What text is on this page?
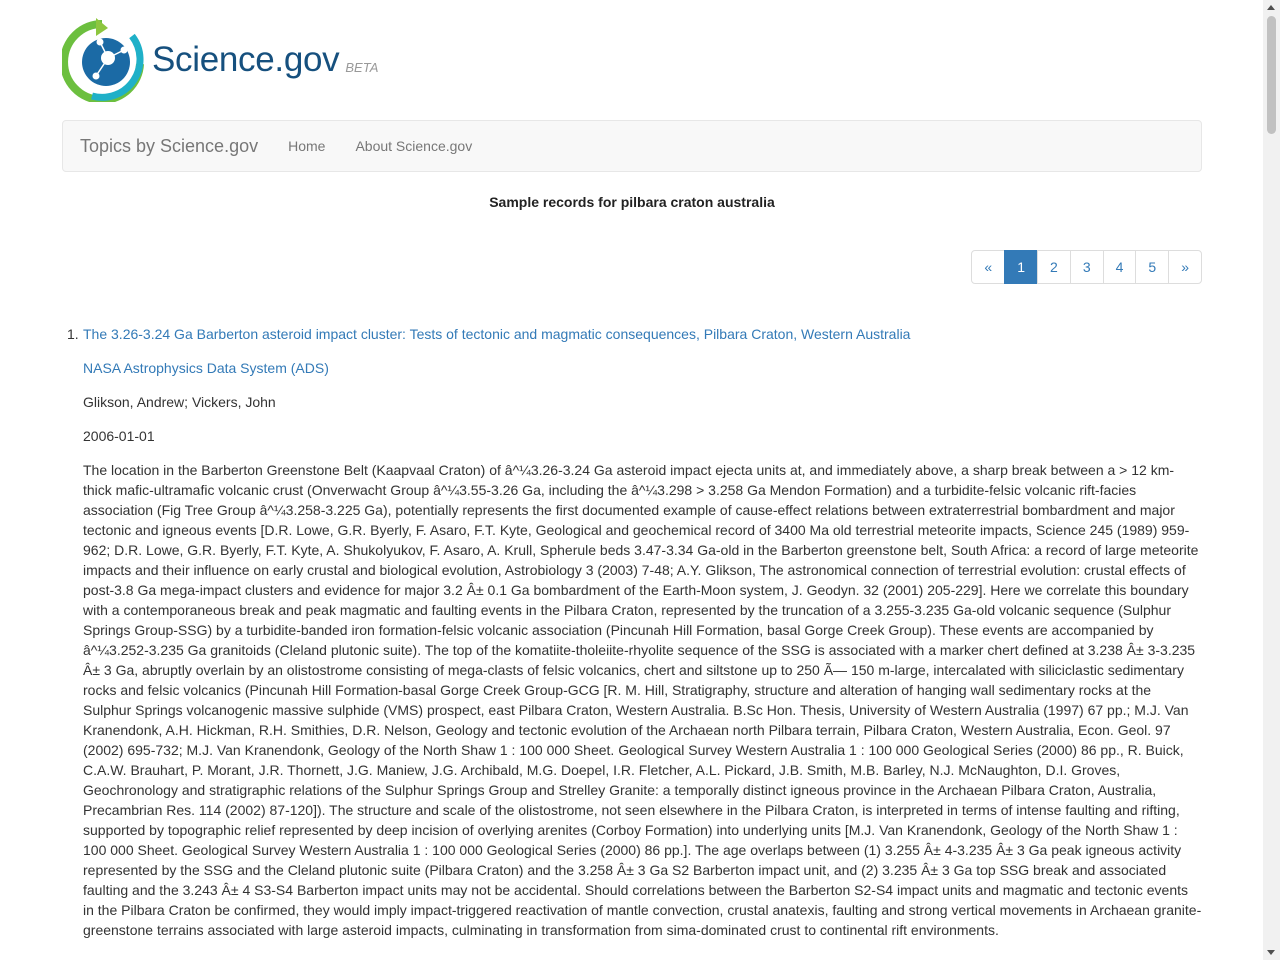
Science.gov BETA
Topics by Science.gov Home About Science.gov
Sample records for pilbara craton australia
«	1	2	3	4	5	»
1. The 3.26-3.24 Ga Barberton asteroid impact cluster: Tests of tectonic and magmatic consequences, Pilbara Craton, Western Australia
NASA Astrophysics Data System (ADS)
Glikson, Andrew; Vickers, John
2006-01-01
The location in the Barberton Greenstone Belt (Kaapvaal Craton) of â^¼3.26-3.24 Ga asteroid impact ejecta units at, and immediately above, a sharp break between a > 12 km-thick mafic-ultramafic volcanic crust (Onverwacht Group â^¼3.55-3.26 Ga, including the â^¼3.298 > 3.258 Ga Mendon Formation) and a turbidite-felsic volcanic rift-facies association (Fig Tree Group â^¼3.258-3.225 Ga), potentially represents the first documented example of cause-effect relations between extraterrestrial bombardment and major tectonic and igneous events [D.R. Lowe, G.R. Byerly, F. Asaro, F.T. Kyte, Geological and geochemical record of 3400 Ma old terrestrial meteorite impacts, Science 245 (1989) 959-962; D.R. Lowe, G.R. Byerly, F.T. Kyte, A. Shukolyukov, F. Asaro, A. Krull, Spherule beds 3.47-3.34 Ga-old in the Barberton greenstone belt, South Africa: a record of large meteorite impacts and their influence on early crustal and biological evolution, Astrobiology 3 (2003) 7-48; A.Y. Glikson, The astronomical connection of terrestrial evolution: crustal effects of post-3.8 Ga mega-impact clusters and evidence for major 3.2 Â± 0.1 Ga bombardment of the Earth-Moon system, J. Geodyn. 32 (2001) 205-229]. Here we correlate this boundary with a contemporaneous break and peak magmatic and faulting events in the Pilbara Craton, represented by the truncation of a 3.255-3.235 Ga-old volcanic sequence (Sulphur Springs Group-SSG) by a turbidite-banded iron formation-felsic volcanic association (Pincunah Hill Formation, basal Gorge Creek Group). These events are accompanied by â^¼3.252-3.235 Ga granitoids (Cleland plutonic suite). The top of the komatiite-tholeiite-rhyolite sequence of the SSG is associated with a marker chert defined at 3.238 Â± 3-3.235 Â± 3 Ga, abruptly overlain by an olistostrome consisting of mega-clasts of felsic volcanics, chert and siltstone up to 250 Ã— 150 m-large, intercalated with siliciclastic sedimentary rocks and felsic volcanics (Pincunah Hill Formation-basal Gorge Creek Group-GCG [R. M. Hill, Stratigraphy, structure and alteration of hanging wall sedimentary rocks at the Sulphur Springs volcanogenic massive sulphide (VMS) prospect, east Pilbara Craton, Western Australia. B.Sc Hon. Thesis, University of Western Australia (1997) 67 pp.; M.J. Van Kranendonk, A.H. Hickman, R.H. Smithies, D.R. Nelson, Geology and tectonic evolution of the Archaean north Pilbara terrain, Pilbara Craton, Western Australia, Econ. Geol. 97 (2002) 695-732; M.J. Van Kranendonk, Geology of the North Shaw 1 : 100 000 Sheet. Geological Survey Western Australia 1 : 100 000 Geological Series (2000) 86 pp., R. Buick, C.A.W. Brauhart, P. Morant, J.R. Thornett, J.G. Maniew, J.G. Archibald, M.G. Doepel, I.R. Fletcher, A.L. Pickard, J.B. Smith, M.B. Barley, N.J. McNaughton, D.I. Groves, Geochronology and stratigraphic relations of the Sulphur Springs Group and Strelley Granite: a temporally distinct igneous province in the Archaean Pilbara Craton, Australia, Precambrian Res. 114 (2002) 87-120]). The structure and scale of the olistostrome, not seen elsewhere in the Pilbara Craton, is interpreted in terms of intense faulting and rifting, supported by topographic relief represented by deep incision of overlying arenites (Corboy Formation) into underlying units [M.J. Van Kranendonk, Geology of the North Shaw 1 : 100 000 Sheet. Geological Survey Western Australia 1 : 100 000 Geological Series (2000) 86 pp.]. The age overlaps between (1) 3.255 Â± 4-3.235 Â± 3 Ga peak igneous activity represented by the SSG and the Cleland plutonic suite (Pilbara Craton) and the 3.258 Â± 3 Ga S2 Barberton impact unit, and (2) 3.235 Â± 3 Ga top SSG break and associated faulting and the 3.243 Â± 4 S3-S4 Barberton impact units may not be accidental. Should correlations between the Barberton S2-S4 impact units and magmatic and tectonic events in the Pilbara Craton be confirmed, they would imply impact-triggered reactivation of mantle convection, crustal anatexis, faulting and strong vertical movements in Archaean granite-greenstone terrains associated with large asteroid impacts, culminating in transformation from sima-dominated crust to continental rift environments.
